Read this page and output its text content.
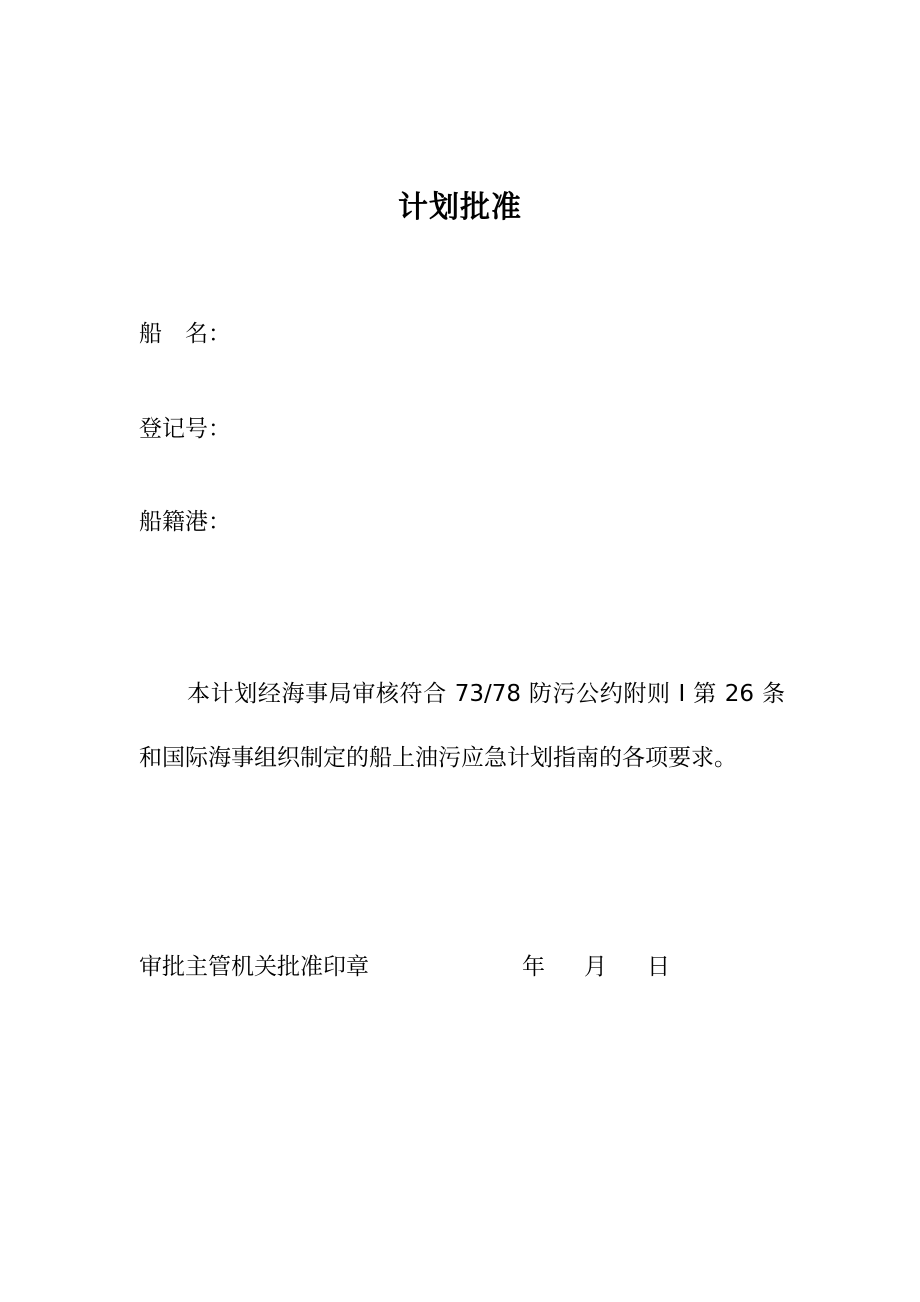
计划批准
船　名：
登记号：
船籍港：

本计划经海事局审核符合 73/78 防污公约附则 I 第 26 条和国际海事组织制定的船上油污应急计划指南的各项要求。

审批主管机关批准印章	年 月 日
